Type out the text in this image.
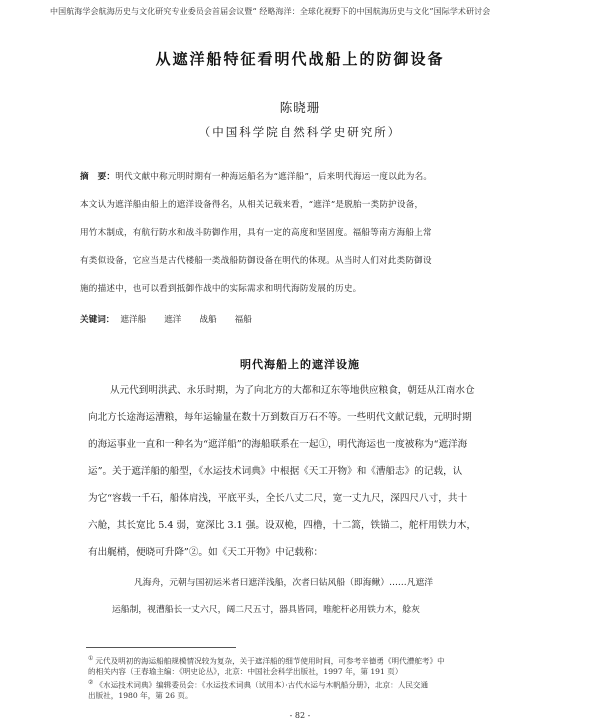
中国航海学会航海历史与文化研究专业委员会首届会议暨“ 经略海洋：全球化视野下的中国航海历史与文化”国际学术研讨会
从遮洋船特征看明代战船上的防御设备
陈晓珊
（中国科学院自然科学史研究所）
摘　要：明代文献中称元明时期有一种海运船名为“遮洋船”，后来明代海运一度以此为名。
本文认为遮洋船由船上的遮洋设备得名，从相关记载来看，“遮洋”是脱胎一类防护设备，
用竹木制成，有航行防水和战斗防御作用，具有一定的高度和坚固度。福船等南方海船上常
有类似设备，它应当是古代楼船一类战船防御设备在明代的体现。从当时人们对此类防御设
施的描述中，也可以看到抵御作战中的实际需求和明代海防发展的历史。
关键词： 遮洋船 遮洋 战船 福船
明代海船上的遮洋设施
从元代到明洪武、永乐时期，为了向北方的大都和辽东等地供应粮食，朝廷从江南水仓
向北方长途海运漕粮，每年运输量在数十万到数百万石不等。一些明代文献记载，元明时期
的海运事业一直和一种名为“遮洋船”的海船联系在一起①，明代海运也一度被称为“遮洋海
运”。关于遮洋船的船型，《水运技术词典》中根据《天工开物》和《漕船志》的记载，认
为它“容载一千石，船体肩浅，平底平头，全长八丈二尺，宽一丈九尺，深四尺八寸，共十
六舱，其长宽比 5.4 弱，宽深比 3.1 强。设双桅，四橹，十二篙，铁锚二，舵杆用铁力木，
有出艉梢，便晓可升降”②。如《天工开物》中记载称：
凡海舟，元朝与国初运米者曰遮洋浅船，次者曰钻风船（即海鳅）……凡遮洋
运船制，视漕船长一丈六尺，阔二尺五寸，器具皆同，唯舵杆必用铁力木，艌灰
① 元代及明初的海运船舶规模情况较为复杂，关于遮洋船的细节使用时间，可参考辛德勇《明代漕舵考》中
的相关内容（王春瑜主编：《明史论丛》，北京：中国社会科学出版社，1997 年，第 191 页）
② 《水运技术词典》编辑委员会：《水运技术词典（试用本）·古代水运与木帆船分册》，北京：人民交通
出版社，1980 年，第 26 页。
- 82 -
